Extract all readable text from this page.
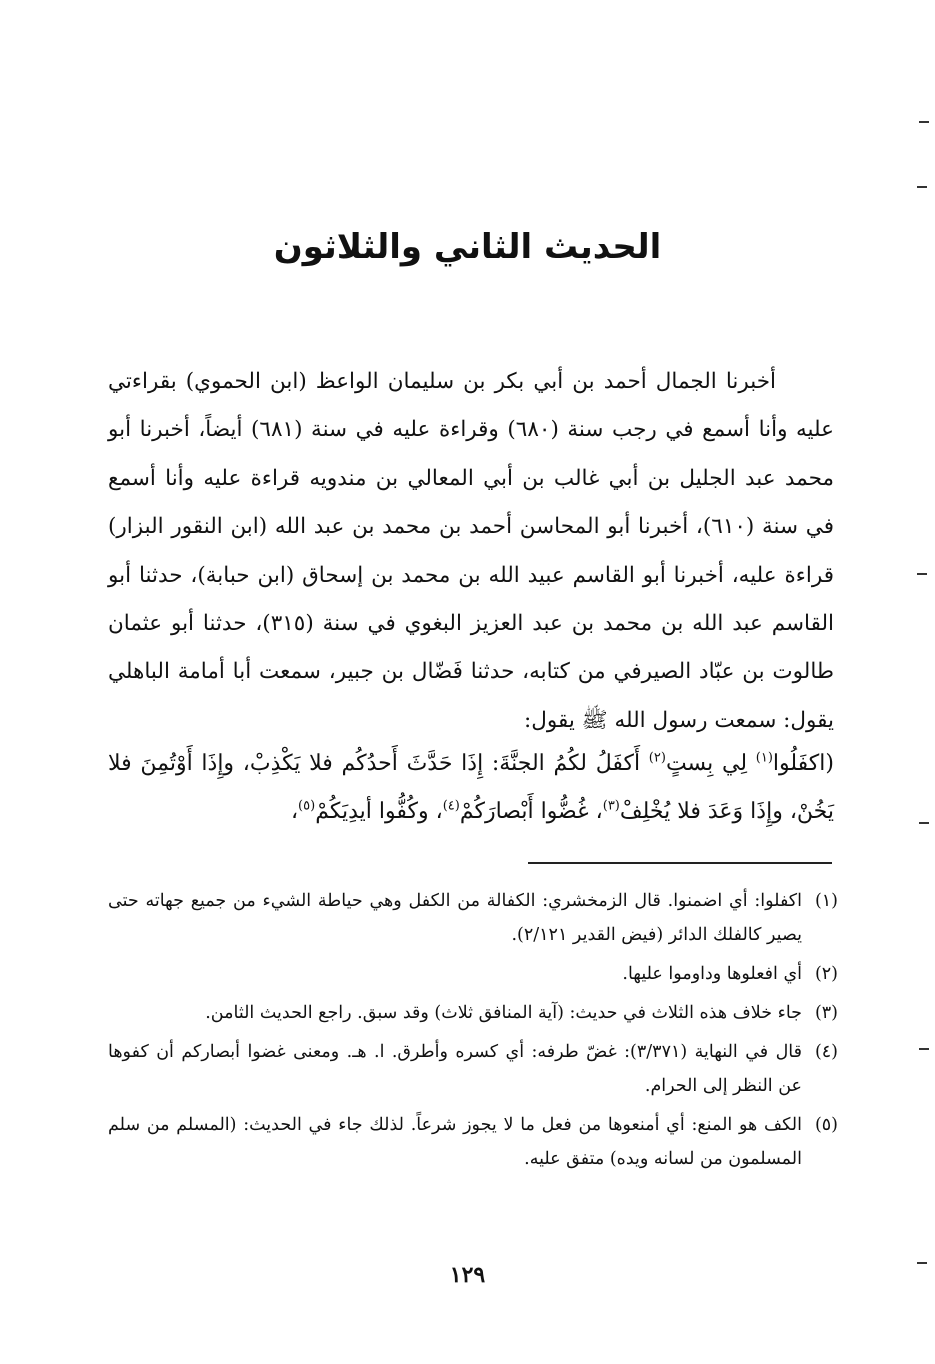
الحديث الثاني والثلاثون

أخبرنا الجمال أحمد بن أبي بكر بن سليمان الواعظ (ابن الحموي) بقراءتي عليه وأنا أسمع في رجب سنة (٦٨٠) وقراءة عليه في سنة (٦٨١) أيضاً، أخبرنا أبو محمد عبد الجليل بن أبي غالب بن أبي المعالي بن مندويه قراءة عليه وأنا أسمع في سنة (٦١٠)، أخبرنا أبو المحاسن أحمد بن محمد بن عبد الله (ابن النقور البزار) قراءة عليه، أخبرنا أبو القاسم عبيد الله بن محمد بن إسحاق (ابن حبابة)، حدثنا أبو القاسم عبد الله بن محمد بن عبد العزيز البغوي في سنة (٣١٥)، حدثنا أبو عثمان طالوت بن عبّاد الصيرفي من كتابه، حدثنا فَضّال بن جبير، سمعت أبا أمامة الباهلي يقول: سمعت رسول الله ﷺ يقول:

(اكفَلُوا$^{(١)}$ لِي بِستٍ$^{(٢)}$ أَكفَلُ لكُمُ الجنَّةَ: إِذَا حَدَّثَ أَحدُكُم فلا يَكْذِبْ، وإِذَا أَوْتُمِنَ فلا يَخُنْ، وإِذَا وَعَدَ فلا يُخْلِفْ$^{(٣)}$، غُضُّوا أَبْصارَكُمْ$^{(٤)}$، وكُفُّوا أيدِيَكُمْ$^{(٥)}$،

(١)
اكفلوا: أي اضمنوا. قال الزمخشري: الكفالة من الكفل وهي حياطة الشيء من جميع جهاته حتى يصير كالفلك الدائر (فيض القدير ٢/١٢١).
(٢)
أي افعلوها وداوموا عليها.
(٣)
جاء خلاف هذه الثلاث في حديث: (آية المنافق ثلاث) وقد سبق. راجع الحديث الثامن.
(٤)
قال في النهاية (٣/٣٧١): غضّ طرفه: أي كسره وأطرق. ا. هـ. ومعنى غضوا أبصاركم أن كفوها عن النظر إلى الحرام.
(٥)
الكف هو المنع: أي أمنعوها من فعل ما لا يجوز شرعاً. لذلك جاء في الحديث: (المسلم من سلم المسلمون من لسانه ويده) متفق عليه.
١٢٩
